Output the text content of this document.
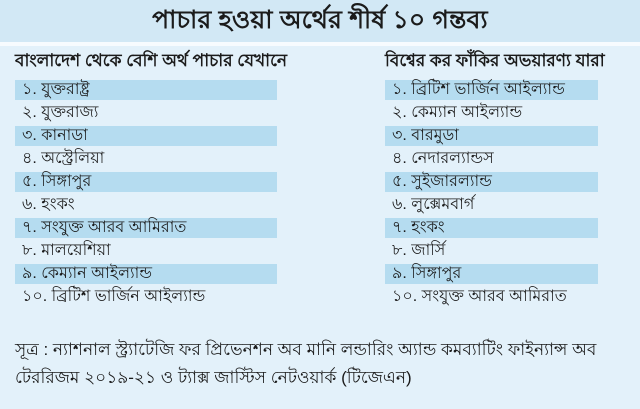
পাচার হওয়া অর্থের শীর্ষ ১০ গন্তব্য
বাংলাদেশ থেকে বেশি অর্থ পাচার যেখানে
১. যুক্তরাষ্ট্র
২. যুক্তরাজ্য
৩. কানাডা
৪. অস্ট্রেলিয়া
৫. সিঙ্গাপুর
৬. হংকং
৭. সংযুক্ত আরব আমিরাত
৮. মালয়েশিয়া
৯. কেম্যান আইল্যান্ড
১০. ব্রিটিশ ভার্জিন আইল্যান্ড
বিশ্বের কর ফাঁকির অভয়ারণ্য যারা
১. ব্রিটিশ ভার্জিন আইল্যান্ড
২. কেম্যান আইল্যান্ড
৩. বারমুডা
৪. নেদারল্যান্ডস
৫. সুইজারল্যান্ড
৬. লুক্সেমবার্গ
৭. হংকং
৮. জার্সি
৯. সিঙ্গাপুর
১০. সংযুক্ত আরব আমিরাত
সূত্র : ন্যাশনাল স্ট্র্যাটেজি ফর প্রিভেনশন অব মানি লন্ডারিং অ্যান্ড কমব্যাটিং ফাইন্যান্স অব টেররিজম ২০১৯-২১ ও ট্যাক্স জাস্টিস নেটওয়ার্ক (টিজেএন)
